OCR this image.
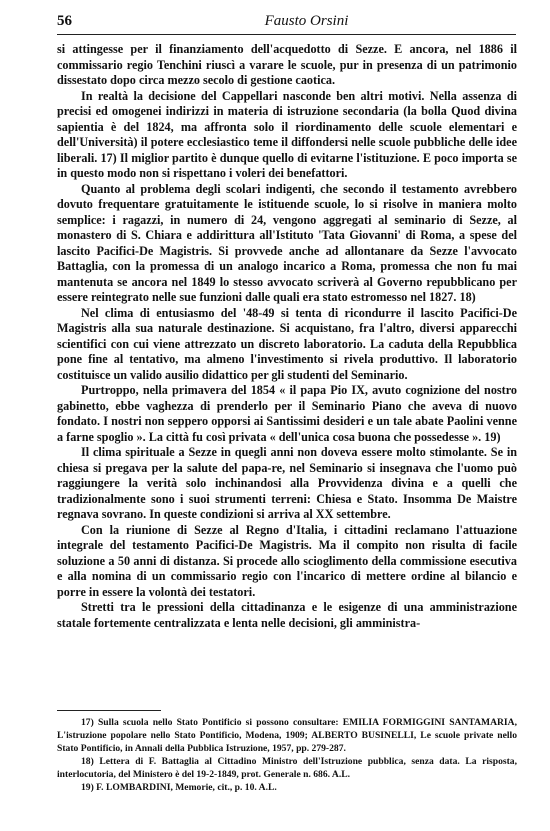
56	Fausto Orsini

si attingesse per il finanziamento dell'acquedotto di Sezze. E ancora, nel 1886 il commissario regio Tenchini riuscì a varare le scuole, pur in presenza di un patrimonio dissestato dopo circa mezzo secolo di gestione caotica.

In realtà la decisione del Cappellari nasconde ben altri motivi. Nella assenza di precisi ed omogenei indirizzi in materia di istruzione secondaria (la bolla Quod divina sapientia è del 1824, ma affronta solo il riordinamento delle scuole elementari e dell'Università) il potere ecclesiastico teme il diffondersi nelle scuole pubbliche delle idee liberali. 17) Il miglior partito è dunque quello di evitarne l'istituzione. E poco importa se in questo modo non si rispettano i voleri dei benefattori.

Quanto al problema degli scolari indigenti, che secondo il testamento avrebbero dovuto frequentare gratuitamente le istituende scuole, lo si risolve in maniera molto semplice: i ragazzi, in numero di 24, vengono aggregati al seminario di Sezze, al monastero di S. Chiara e addirittura all'Istituto 'Tata Giovanni' di Roma, a spese del lascito Pacifici-De Magistris. Si provvede anche ad allontanare da Sezze l'avvocato Battaglia, con la promessa di un analogo incarico a Roma, promessa che non fu mai mantenuta se ancora nel 1849 lo stesso avvocato scriverà al Governo repubblicano per essere reintegrato nelle sue funzioni dalle quali era stato estromesso nel 1827. 18)

Nel clima di entusiasmo del '48-49 si tenta di ricondurre il lascito Pacifici-De Magistris alla sua naturale destinazione. Si acquistano, fra l'altro, diversi apparecchi scientifici con cui viene attrezzato un discreto laboratorio. La caduta della Repubblica pone fine al tentativo, ma almeno l'investimento si rivela produttivo. Il laboratorio costituisce un valido ausilio didattico per gli studenti del Seminario.

Purtroppo, nella primavera del 1854 « il papa Pio IX, avuto cognizione del nostro gabinetto, ebbe vaghezza di prenderlo per il Seminario Piano che aveva di nuovo fondato. I nostri non seppero opporsi ai Santissimi desideri e un tale abate Paolini venne a farne spoglio ». La città fu così privata « dell'unica cosa buona che possedesse ». 19)

Il clima spirituale a Sezze in quegli anni non doveva essere molto stimolante. Se in chiesa si pregava per la salute del papa-re, nel Seminario si insegnava che l'uomo può raggiungere la verità solo inchinandosi alla Provvidenza divina e a quelli che tradizionalmente sono i suoi strumenti terreni: Chiesa e Stato. Insomma De Maistre regnava sovrano. In queste condizioni si arriva al XX settembre.

Con la riunione di Sezze al Regno d'Italia, i cittadini reclamano l'attuazione integrale del testamento Pacifici-De Magistris. Ma il compito non risulta di facile soluzione a 50 anni di distanza. Si procede allo scioglimento della commissione esecutiva e alla nomina di un commissario regio con l'incarico di mettere ordine al bilancio e porre in essere la volontà dei testatori.

Stretti tra le pressioni della cittadinanza e le esigenze di una amministrazione statale fortemente centralizzata e lenta nelle decisioni, gli amministra-

17) Sulla scuola nello Stato Pontificio si possono consultare: EMILIA FORMIGGINI SANTAMARIA, L'istruzione popolare nello Stato Pontificio, Modena, 1909; ALBERTO BUSINELLI, Le scuole private nello Stato Pontificio, in Annali della Pubblica Istruzione, 1957, pp. 279-287.

18) Lettera di F. Battaglia al Cittadino Ministro dell'Istruzione pubblica, senza data. La risposta, interlocutoria, del Ministero è del 19-2-1849, prot. Generale n. 686. A.L.

19) F. LOMBARDINI, Memorie, cit., p. 10. A.L.
